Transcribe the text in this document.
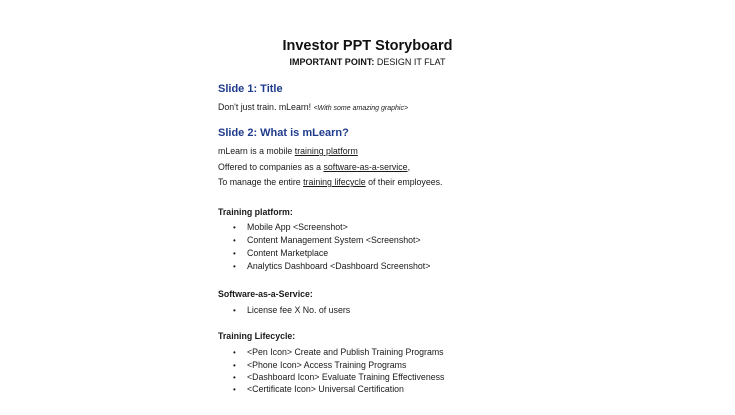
Investor PPT Storyboard
IMPORTANT POINT: DESIGN IT FLAT
Slide 1: Title
Don't just train. mLearn! <With some amazing graphic>
Slide 2: What is mLearn?
mLearn is a mobile training platform
Offered to companies as a software-as-a-service,
To manage the entire training lifecycle of their employees.
Training platform:
• Mobile App <Screenshot>
• Content Management System <Screenshot>
• Content Marketplace
• Analytics Dashboard <Dashboard Screenshot>
Software-as-a-Service:
• License fee X No. of users
Training Lifecycle:
• <Pen Icon> Create and Publish Training Programs
• <Phone Icon> Access Training Programs
• <Dashboard Icon> Evaluate Training Effectiveness
• <Certificate Icon> Universal Certification
